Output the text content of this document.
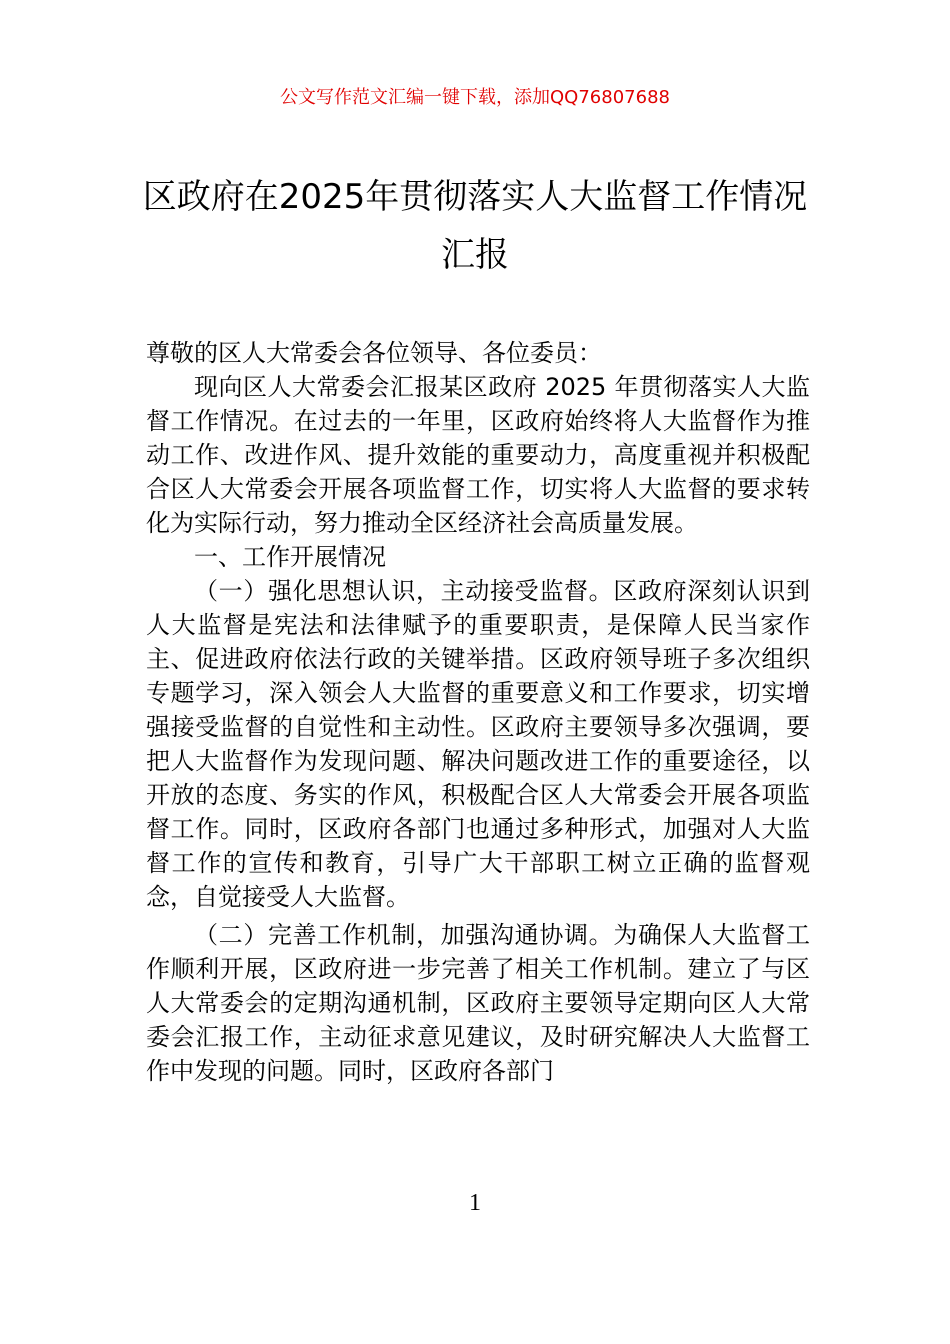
公文写作范文汇编一键下载，添加QQ76807688
区政府在2025年贯彻落实人大监督工作情况汇报

尊敬的区人大常委会各位领导、各位委员：

现向区人大常委会汇报某区政府 2025 年贯彻落实人大监督工作情况。在过去的一年里，区政府始终将人大监督作为推动工作、改进作风、提升效能的重要动力，高度重视并积极配合区人大常委会开展各项监督工作，切实将人大监督的要求转化为实际行动，努力推动全区经济社会高质量发展。

一、工作开展情况

（一）强化思想认识，主动接受监督。区政府深刻认识到人大监督是宪法和法律赋予的重要职责，是保障人民当家作主、促进政府依法行政的关键举措。区政府领导班子多次组织专题学习，深入领会人大监督的重要意义和工作要求，切实增强接受监督的自觉性和主动性。区政府主要领导多次强调，要把人大监督作为发现问题、解决问题改进工作的重要途径，以开放的态度、务实的作风，积极配合区人大常委会开展各项监督工作。同时，区政府各部门也通过多种形式，加强对人大监督工作的宣传和教育，引导广大干部职工树立正确的监督观念，自觉接受人大监督。

（二）完善工作机制，加强沟通协调。为确保人大监督工作顺利开展，区政府进一步完善了相关工作机制。建立了与区人大常委会的定期沟通机制，区政府主要领导定期向区人大常委会汇报工作，主动征求意见建议，及时研究解决人大监督工作中发现的问题。同时，区政府各部门

1
